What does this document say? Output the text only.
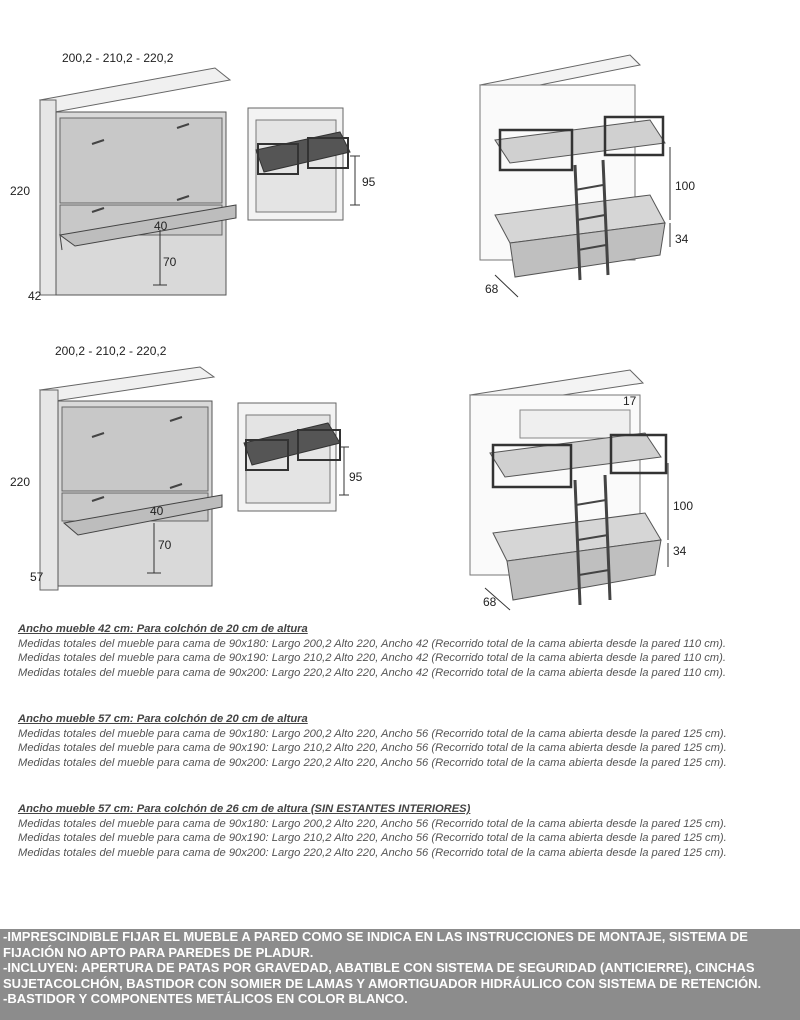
200,2 - 210,2 - 220,2
220
42
40
70
95	100
34
68
200,2 - 210,2 - 220,2
220
57
40
70
95
17
100
34
68
Ancho mueble 42 cm: Para colchón de 20 cm de altura
Medidas totales del mueble para cama de 90x180: Largo 200,2 Alto 220, Ancho 42 (Recorrido total de la cama abierta desde la pared 110 cm).
Medidas totales del mueble para cama de 90x190: Largo 210,2 Alto 220, Ancho 42 (Recorrido total de la cama abierta desde la pared 110 cm).
Medidas totales del mueble para cama de 90x200: Largo 220,2 Alto 220, Ancho 42 (Recorrido total de la cama abierta desde la pared 110 cm).
Ancho mueble 57 cm: Para colchón de 20 cm de altura
Medidas totales del mueble para cama de 90x180: Largo 200,2 Alto 220, Ancho 56 (Recorrido total de la cama abierta desde la pared 125 cm).
Medidas totales del mueble para cama de 90x190: Largo 210,2 Alto 220, Ancho 56 (Recorrido total de la cama abierta desde la pared 125 cm).
Medidas totales del mueble para cama de 90x200: Largo 220,2 Alto 220, Ancho 56 (Recorrido total de la cama abierta desde la pared 125 cm).
Ancho mueble 57 cm: Para colchón de 26 cm de altura (SIN ESTANTES INTERIORES)
Medidas totales del mueble para cama de 90x180: Largo 200,2 Alto 220, Ancho 56 (Recorrido total de la cama abierta desde la pared 125 cm).
Medidas totales del mueble para cama de 90x190: Largo 210,2 Alto 220, Ancho 56 (Recorrido total de la cama abierta desde la pared 125 cm).
Medidas totales del mueble para cama de 90x200: Largo 220,2 Alto 220, Ancho 56 (Recorrido total de la cama abierta desde la pared 125 cm).
-IMPRESCINDIBLE FIJAR EL MUEBLE A PARED COMO SE INDICA EN LAS INSTRUCCIONES DE MONTAJE, SISTEMA DE FIJACIÓN NO APTO PARA PAREDES DE PLADUR.
-INCLUYEN: APERTURA DE PATAS POR GRAVEDAD, ABATIBLE CON SISTEMA DE SEGURIDAD (ANTICIERRE), CINCHAS SUJETACOLCHÓN, BASTIDOR CON SOMIER DE LAMAS Y AMORTIGUADOR HIDRÁULICO CON SISTEMA DE RETENCIÓN.
-BASTIDOR Y COMPONENTES METÁLICOS EN COLOR BLANCO.
